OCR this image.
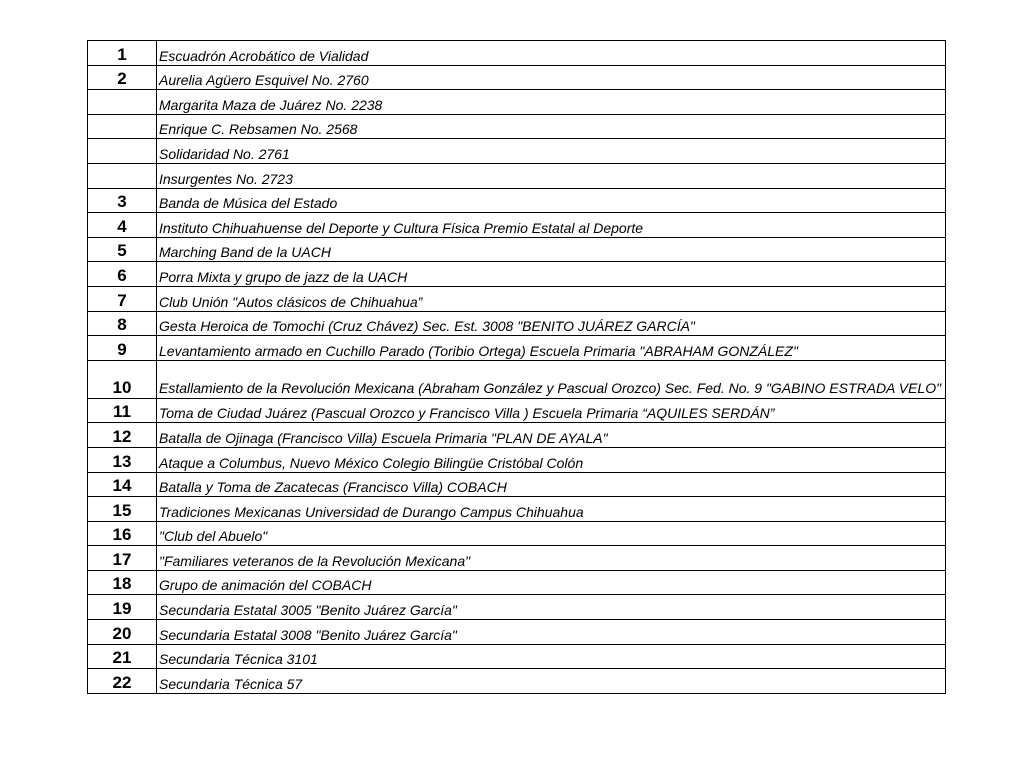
1	Escuadrón Acrobático de Vialidad
2	Aurelia Agüero Esquivel No. 2760
	Margarita Maza de Juárez No. 2238
	Enrique C. Rebsamen No. 2568
	Solidaridad No. 2761
	Insurgentes No. 2723
3	Banda de Música del Estado
4	Instituto Chihuahuense del Deporte y Cultura Física Premio Estatal al Deporte
5	Marching Band de la UACH
6	Porra Mixta y grupo de jazz de la UACH
7	Club Unión "Autos clásicos de Chihuahua”
8	Gesta Heroica de Tomochi (Cruz Chávez) Sec. Est. 3008 "BENITO JUÁREZ GARCÍA"
9	Levantamiento armado en Cuchillo Parado (Toribio Ortega) Escuela Primaria "ABRAHAM GONZÁLEZ"
10	Estallamiento de la Revolución Mexicana (Abraham González y Pascual Orozco) Sec. Fed. No. 9 "GABINO ESTRADA VELO"
11	Toma de Ciudad Juárez (Pascual Orozco y Francisco Villa ) Escuela Primaria “AQUILES SERDÁN”
12	Batalla de Ojinaga (Francisco Villa) Escuela Primaria "PLAN DE AYALA"
13	Ataque a Columbus, Nuevo México Colegio Bilingüe Cristóbal Colón
14	Batalla y Toma de Zacatecas (Francisco Villa) COBACH
15	Tradiciones Mexicanas Universidad de Durango Campus Chihuahua
16	"Club del Abuelo"
17	"Familiares veteranos de la Revolución Mexicana"
18	Grupo de animación del COBACH
19	Secundaria Estatal 3005 "Benito Juárez García"
20	Secundaria Estatal 3008 "Benito Juárez García"
21	Secundaria Técnica 3101
22	Secundaria Técnica 57
